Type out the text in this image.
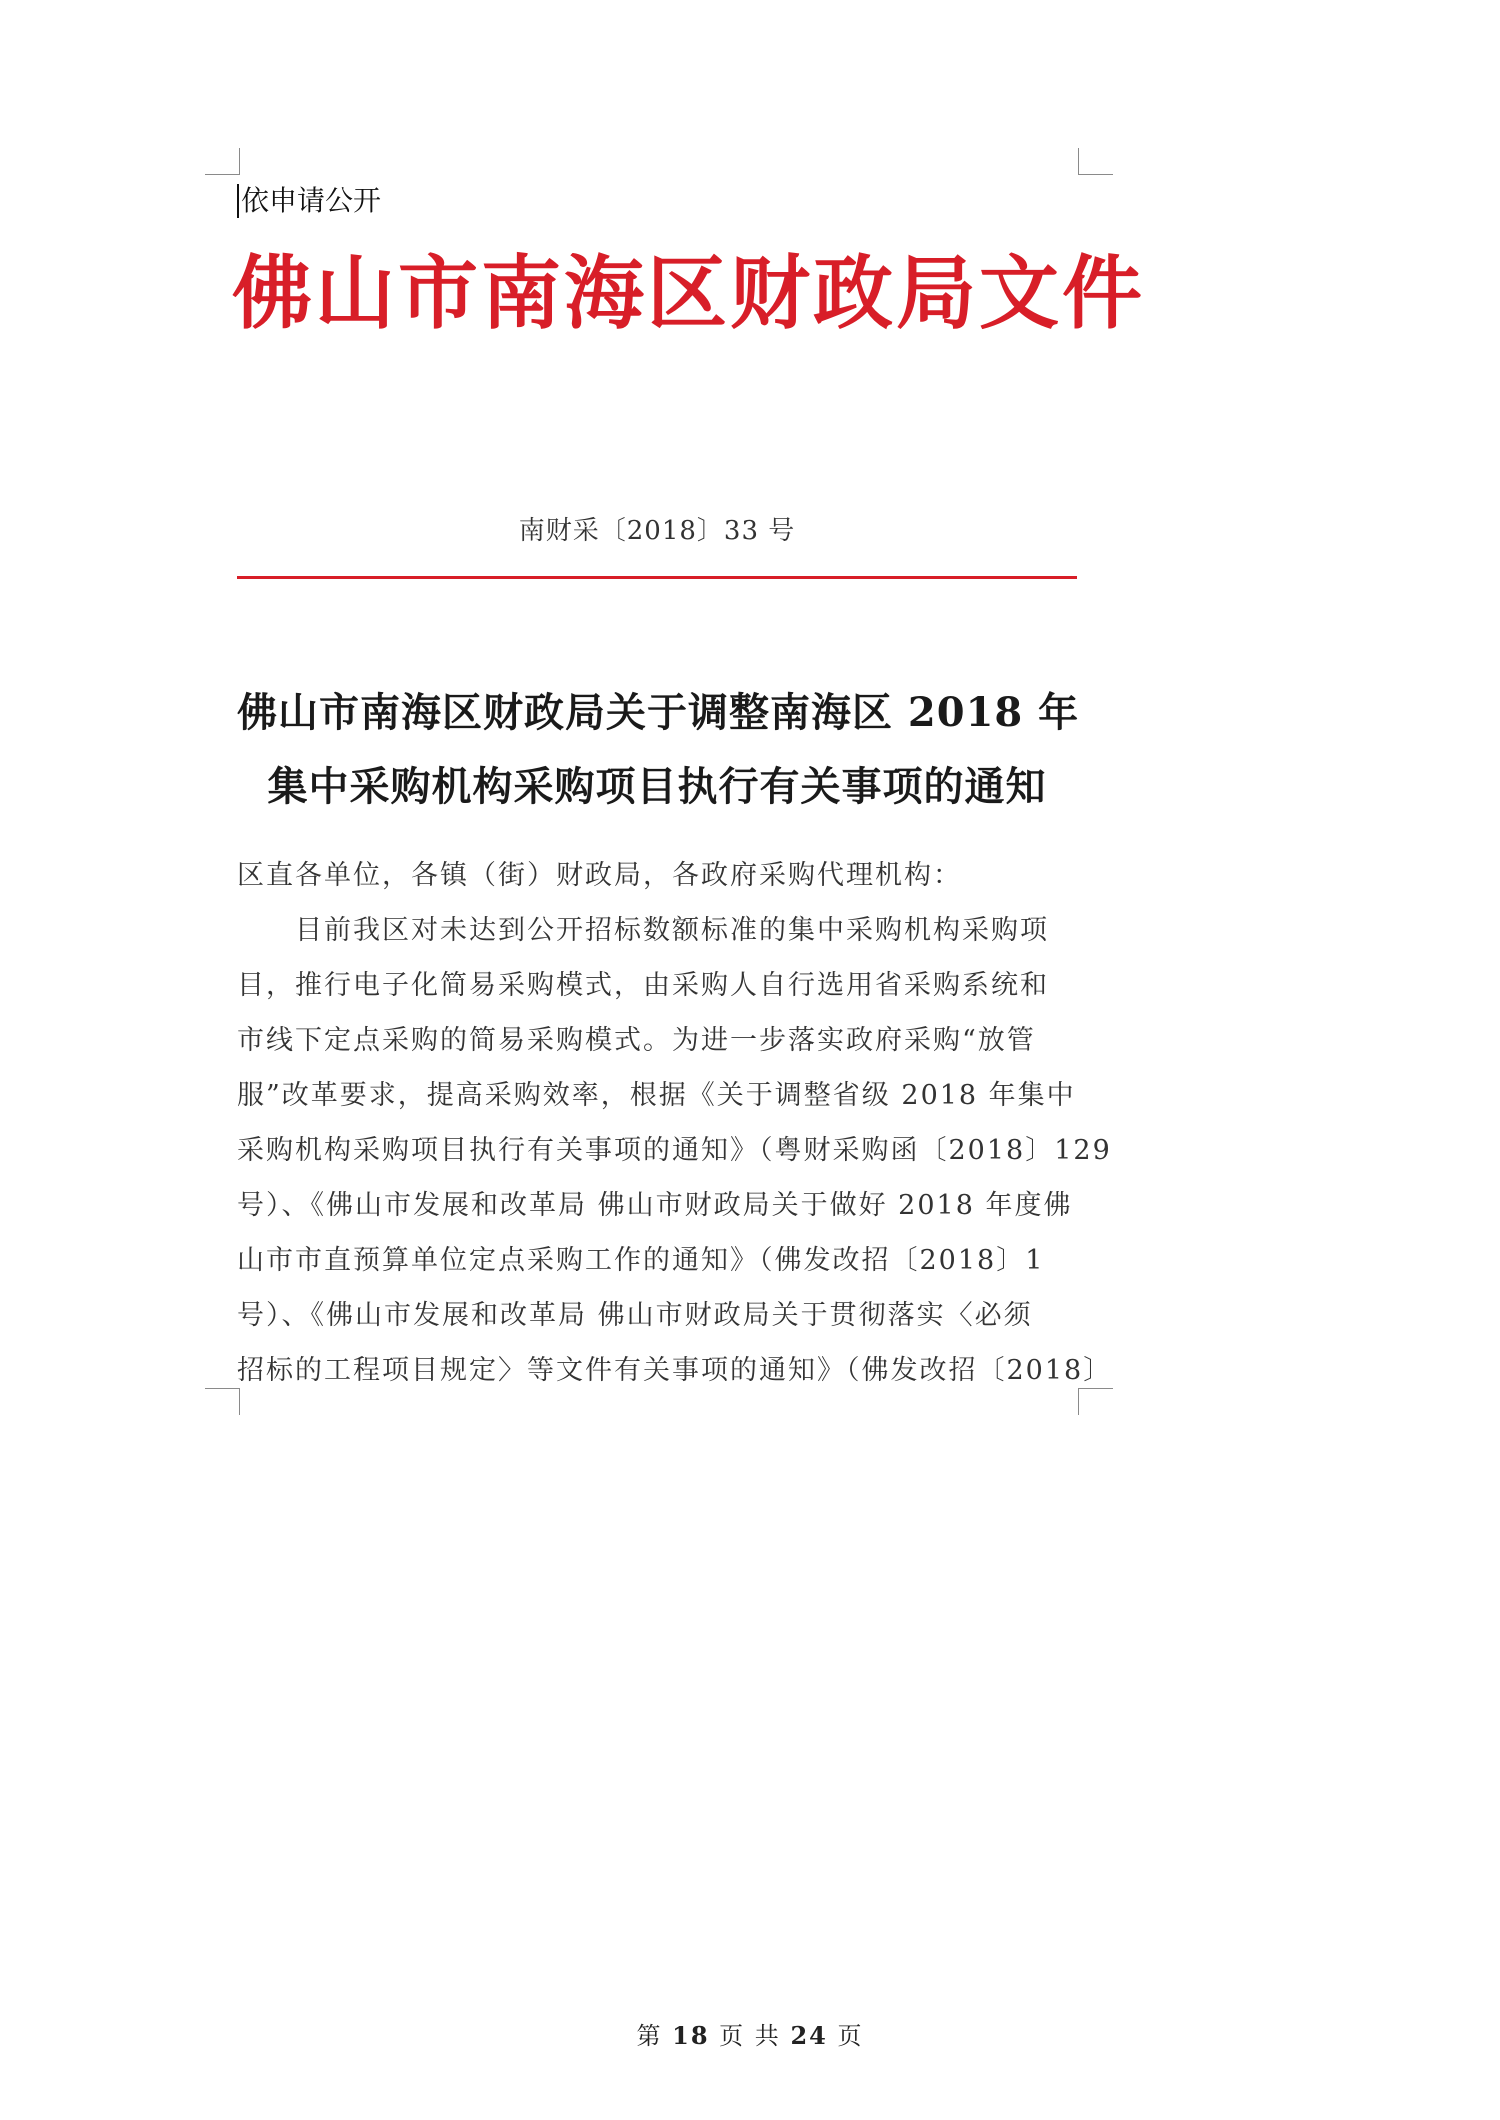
依申请公开
佛山市南海区财政局文件
南财采〔2018〕33 号
佛山市南海区财政局关于调整南海区 2018 年
集中采购机构采购项目执行有关事项的通知
区直各单位，各镇（街）财政局，各政府采购代理机构：
目前我区对未达到公开招标数额标准的集中采购机构采购项
目，推行电子化简易采购模式，由采购人自行选用省采购系统和
市线下定点采购的简易采购模式。为进一步落实政府采购“放管
服”改革要求，提高采购效率，根据《关于调整省级 2018 年集中
采购机构采购项目执行有关事项的通知》（粤财采购函〔2018〕129
号）、《佛山市发展和改革局 佛山市财政局关于做好 2018 年度佛
山市市直预算单位定点采购工作的通知》（佛发改招〔2018〕1
号）、《佛山市发展和改革局 佛山市财政局关于贯彻落实〈必须
招标的工程项目规定〉等文件有关事项的通知》（佛发改招〔2018〕
第 18 页 共 24 页
